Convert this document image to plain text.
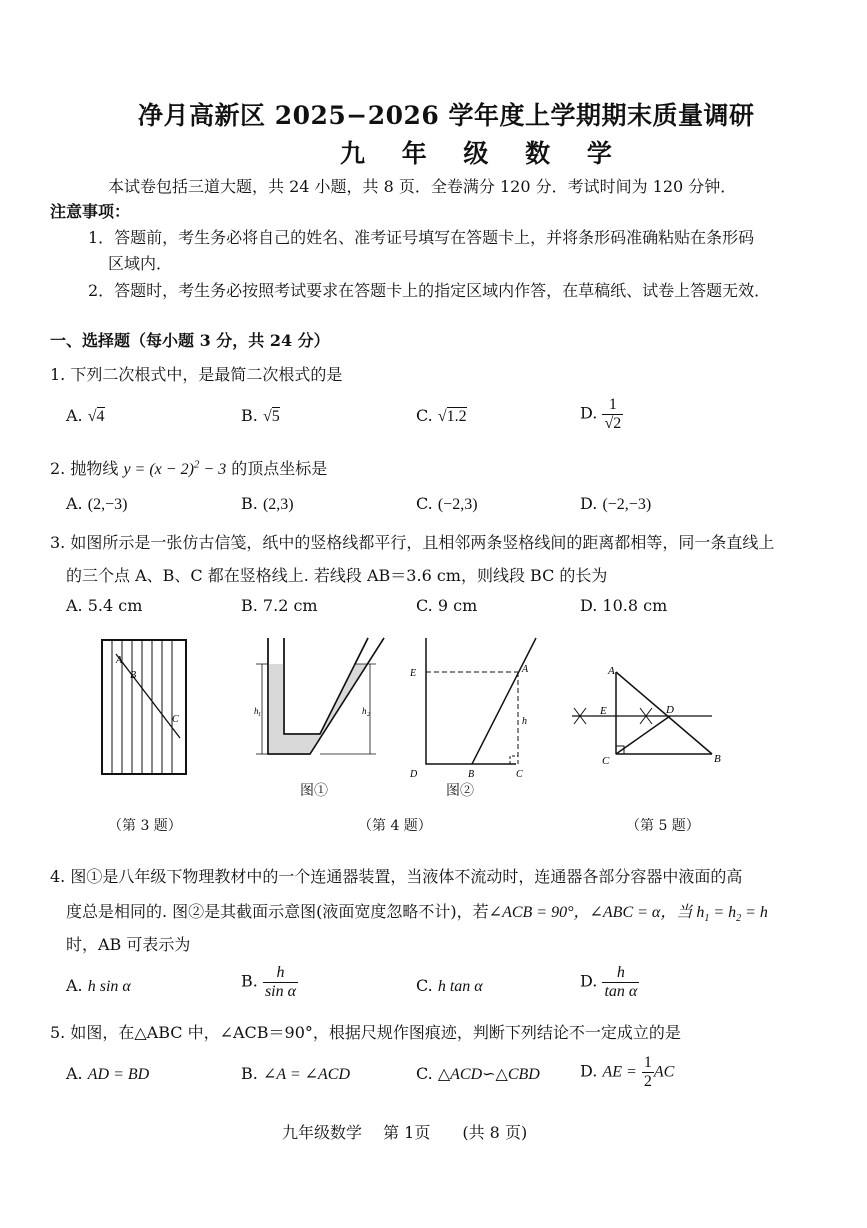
净月高新区 2025−2026 学年度上学期期末质量调研
九 年 级 数 学
本试卷包括三道大题，共 24 小题，共 8 页．全卷满分 120 分．考试时间为 120 分钟．
注意事项：
1．答题前，考生务必将自己的姓名、准考证号填写在答题卡上，并将条形码准确粘贴在条形码
区域内．
2．答题时，考生务必按照考试要求在答题卡上的指定区域内作答，在草稿纸、试卷上答题无效．
一、选择题（每小题 3 分，共 24 分）
1. 下列二次根式中，是最简二次根式的是
A. √4	B. √5	C. √1.2	D. $\frac{1}{√2}$
2. 抛物线 $y = (x - 2)^2 - 3$ 的顶点坐标是
A. (2,−3)	B. (2,3)	C. (−2,3)	D. (−2,−3)
3. 如图所示是一张仿古信笺，纸中的竖格线都平行，且相邻两条竖格线间的距离都相等，同一条直线上
的三个点 A、B、C 都在竖格线上. 若线段 AB＝3.6 cm，则线段 BC 的长为
A. 5.4 cm	B. 7.2 cm	C. 9 cm	D. 10.8 cm
A
B
C
（第 3 题）
h 1	h 2
图①
E	A
h
D	B	C
图②
（第 4 题）
A
E	D
C	B
（第 5 题）
4. 图①是八年级下物理教材中的一个连通器装置，当液体不流动时，连通器各部分容器中液面的高
度总是相同的. 图②是其截面示意图(液面宽度忽略不计)，若∠ACB = 90°，∠ABC = α，当 $h_1 = h_2 = h$
时，AB 可表示为
A. h sin α	B. $\frac{h}{\text{sin α}}$	C. h tan α	D. $\frac{h}{\text{tan α}}$
5. 如图，在△ABC 中，∠ACB＝90°，根据尺规作图痕迹，判断下列结论不一定成立的是
A. AD = BD	B. ∠A = ∠ACD	C. △ACD∽△CBD	D. AE = $\frac{1}{2}$ AC
九年级数学　 第 1页　　(共 8 页)
